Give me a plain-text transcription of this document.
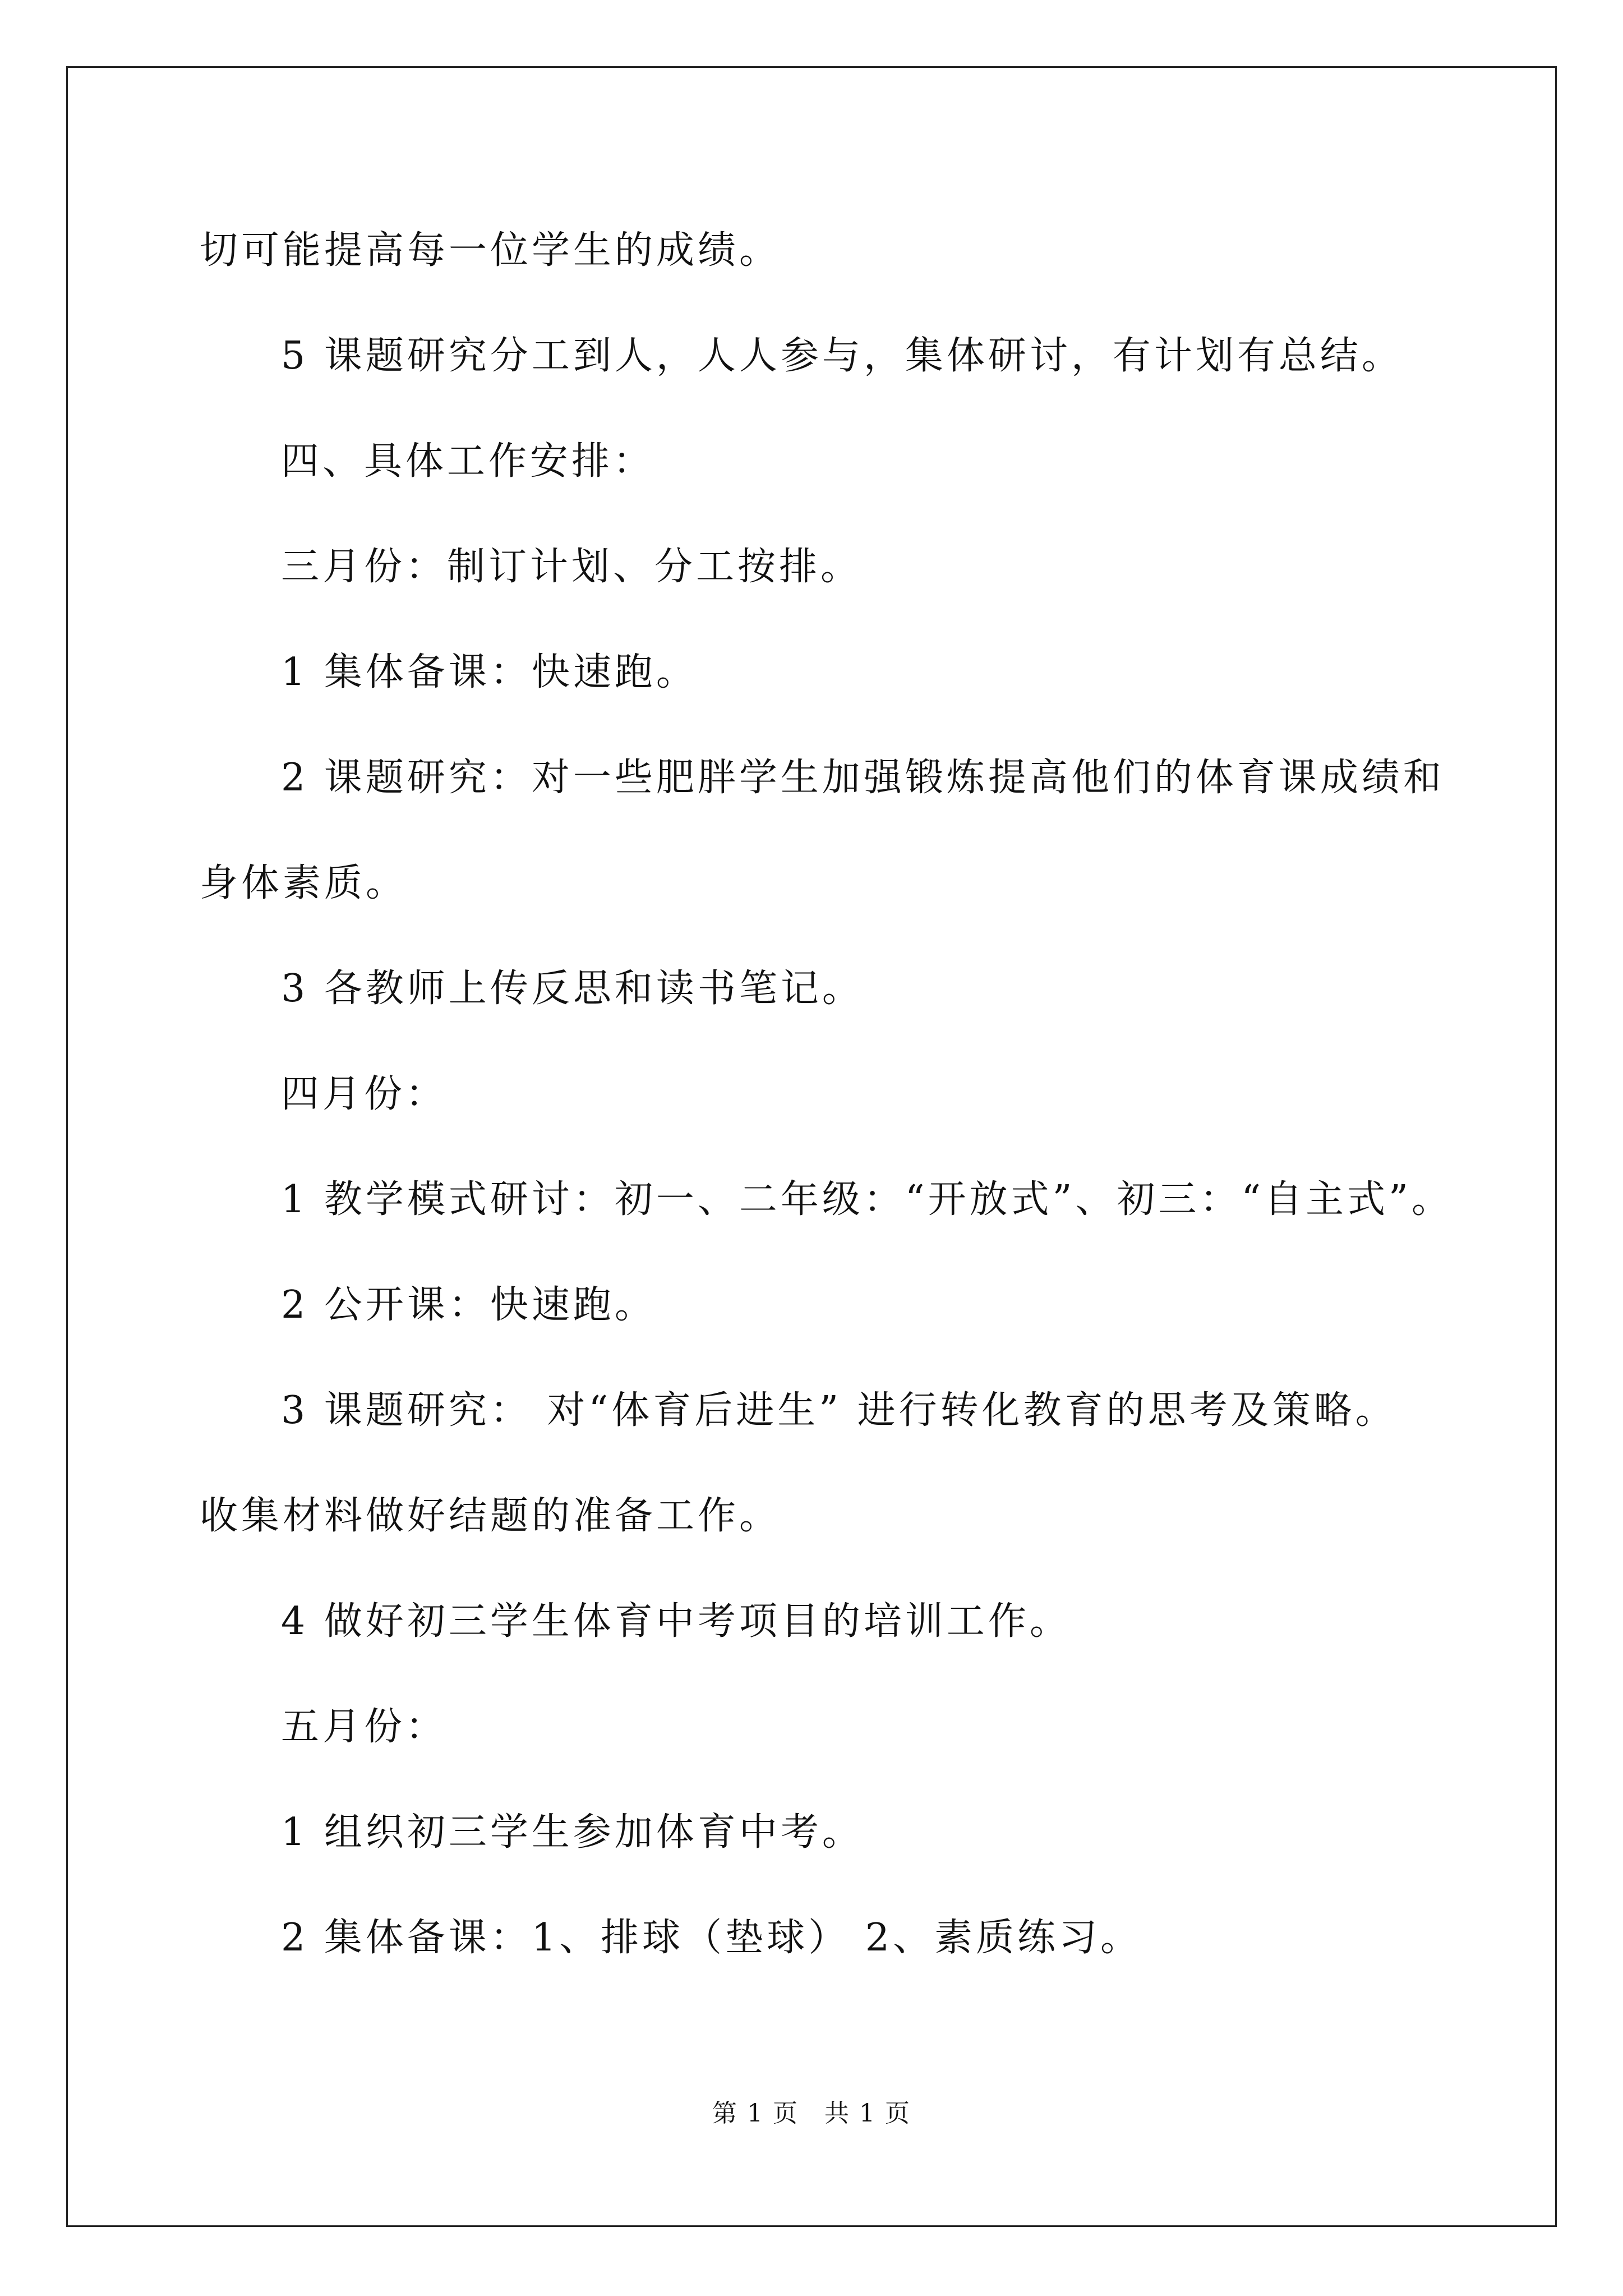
切可能提高每一位学生的成绩。
5 课题研究分工到人，人人参与，集体研讨，有计划有总结。
四、具体工作安排：
三月份：制订计划、分工按排。
1 集体备课：快速跑。
2 课题研究：对一些肥胖学生加强锻炼提高他们的体育课成绩和
身体素质。
3 各教师上传反思和读书笔记。
四月份：
1 教学模式研讨：初一、二年级：“开放式”、初三：“自主式”。
2 公开课：快速跑。
3 课题研究： 对“体育后进生” 进行转化教育的思考及策略。
收集材料做好结题的准备工作。
4 做好初三学生体育中考项目的培训工作。
五月份：
1 组织初三学生参加体育中考。
2 集体备课：1、排球（垫球） 2、素质练习。
第 1 页　共 1 页
